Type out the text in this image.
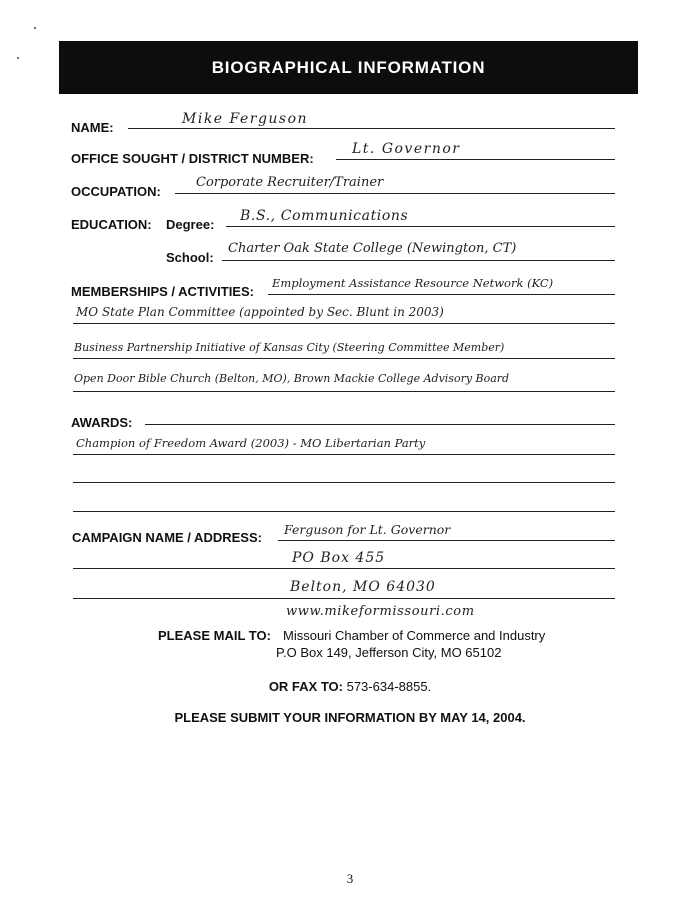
BIOGRAPHICAL INFORMATION
NAME:
Mike Ferguson
OFFICE SOUGHT / DISTRICT NUMBER:
Lt. Governor
OCCUPATION:
Corporate Recruiter/Trainer
EDUCATION: Degree:
B.S., Communications
School:
Charter Oak State College (Newington, CT)
MEMBERSHIPS / ACTIVITIES:
Employment Assistance Resource Network (KC)
MO State Plan Committee (appointed by Sec. Blunt in 2003)
Business Partnership Initiative of Kansas City (Steering Committee Member)
Open Door Bible Church (Belton, MO), Brown Mackie College Advisory Board
AWARDS:
Champion of Freedom Award (2003) - MO Libertarian Party
CAMPAIGN NAME / ADDRESS:
Ferguson for Lt. Governor
PO Box 455
Belton, MO 64030
www.mikeformissouri.com
PLEASE MAIL TO: Missouri Chamber of Commerce and Industry
P.O Box 149, Jefferson City, MO 65102
OR FAX TO: 573-634-8855.
PLEASE SUBMIT YOUR INFORMATION BY MAY 14, 2004.
3
